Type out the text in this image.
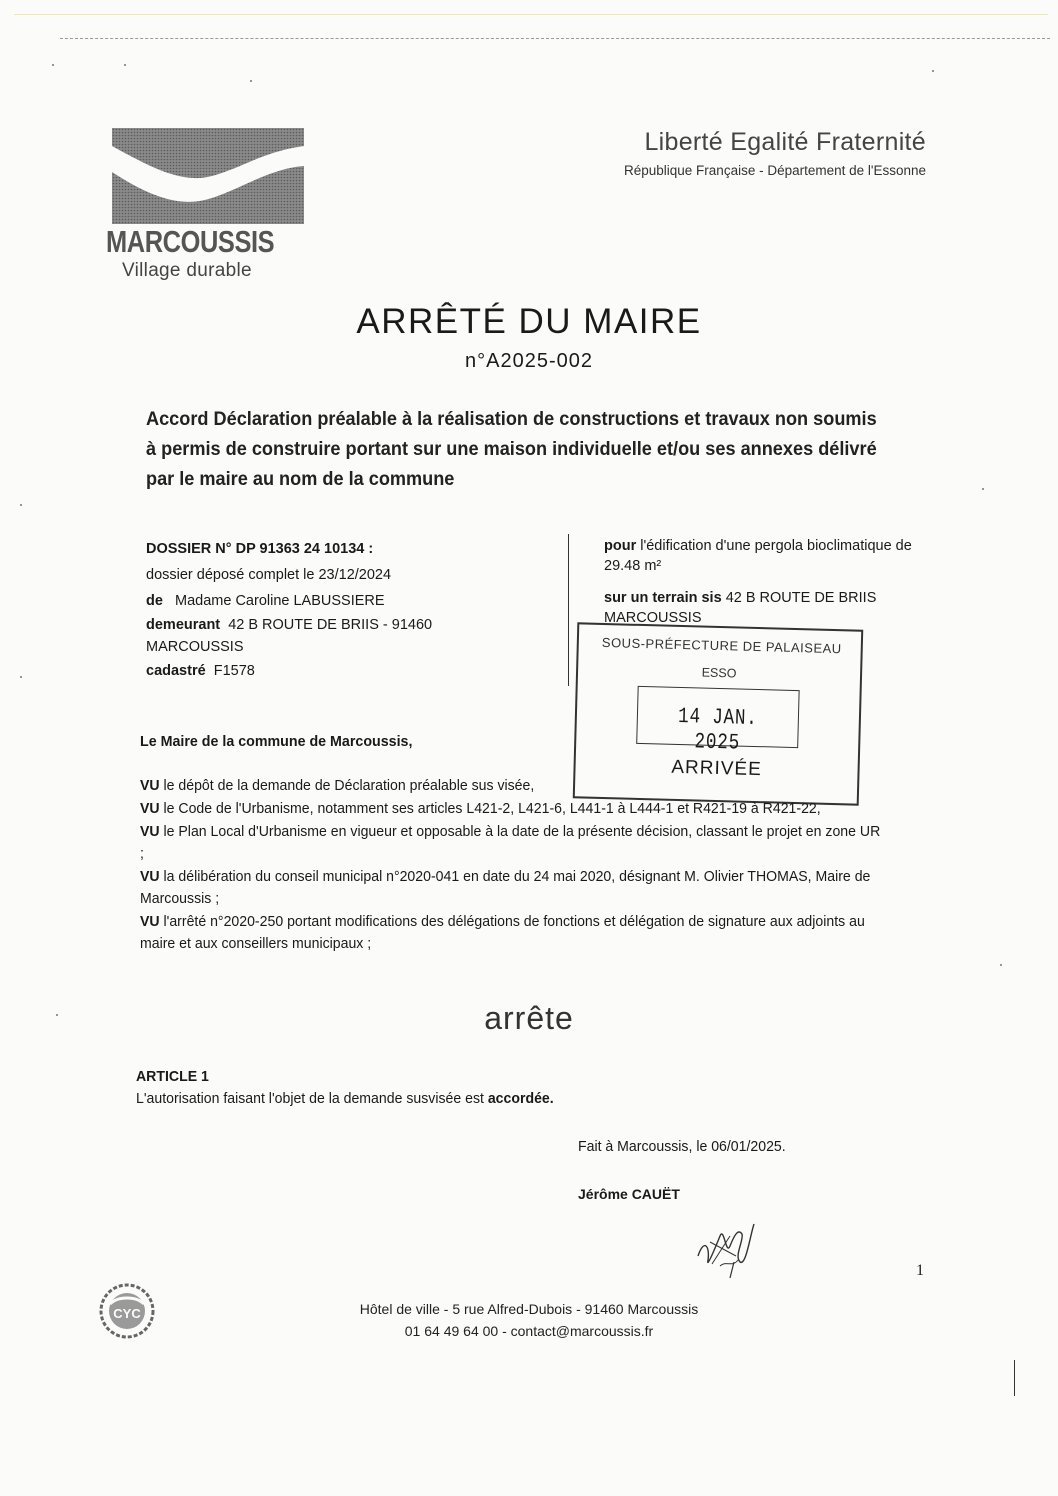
MARCOUSSIS
Village durable
Liberté Egalité Fraternité
République Française - Département de l'Essonne
ARRÊTÉ DU MAIRE
n°A2025-002
Accord Déclaration préalable à la réalisation de constructions et travaux non soumis à permis de construire portant sur une maison individuelle et/ou ses annexes délivré par le maire au nom de la commune
DOSSIER N° DP 91363 24 10134 :
dossier déposé complet le 23/12/2024
de Madame Caroline LABUSSIERE
demeurant 42 B ROUTE DE BRIIS - 91460
MARCOUSSIS
cadastré F1578
pour l'édification d'une pergola bioclimatique de 29.48 m²
sur un terrain sis 42 B ROUTE DE BRIIS MARCOUSSIS
SOUS-PRÉFECTURE DE PALAISEAU
ESSO
14 JAN. 2025
ARRIVÉE
Le Maire de la commune de Marcoussis,

VU le dépôt de la demande de Déclaration préalable sus visée,

VU le Code de l'Urbanisme, notamment ses articles L421-2, L421-6, L441-1 à L444-1 et R421-19 à R421-22,

VU le Plan Local d'Urbanisme en vigueur et opposable à la date de la présente décision, classant le projet en zone UR ;

VU la délibération du conseil municipal n°2020-041 en date du 24 mai 2020, désignant M. Olivier THOMAS, Maire de Marcoussis ;

VU l'arrêté n°2020-250 portant modifications des délégations de fonctions et délégation de signature aux adjoints au maire et aux conseillers municipaux ;

arrête
ARTICLE 1
L'autorisation faisant l'objet de la demande susvisée est accordée.
Fait à Marcoussis, le 06/01/2025.
Jérôme CAUËT
1
CYC	Hôtel de ville - 5 rue Alfred-Dubois - 91460 Marcoussis
01 64 49 64 00 - contact@marcoussis.fr
